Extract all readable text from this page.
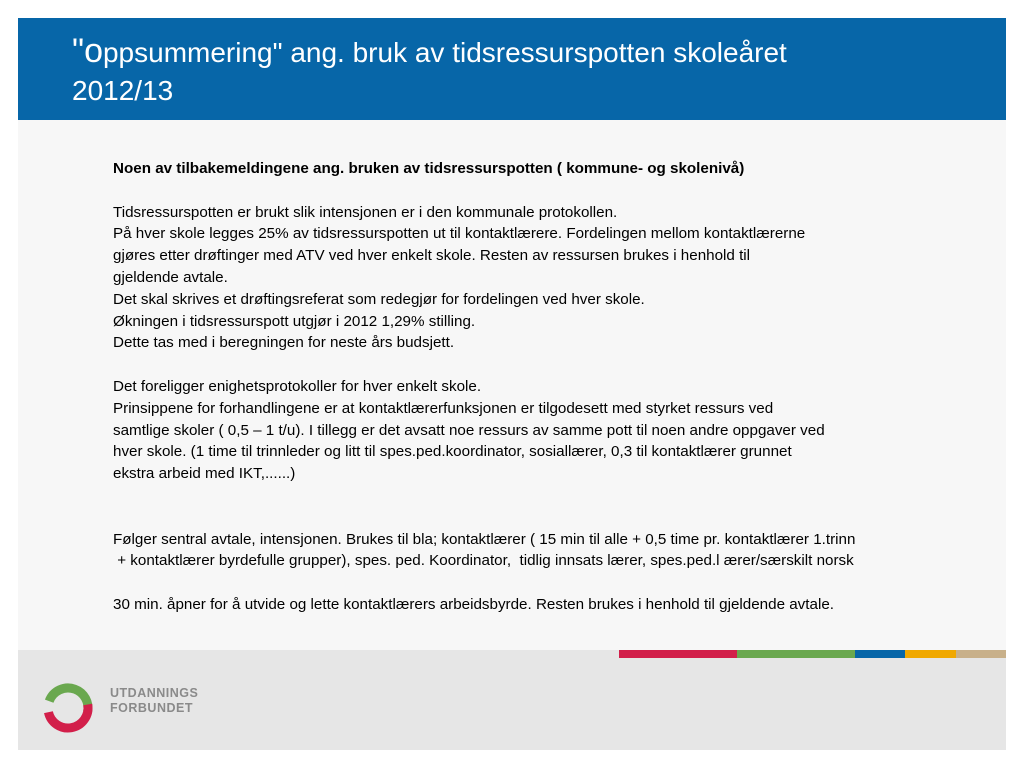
"oppsummering" ang. bruk av tidsressurspotten skoleåret
2012/13

Noen av tilbakemeldingene ang. bruken av tidsressurspotten ( kommune- og skolenivå)

Tidsressurspotten er brukt slik intensjonen er i den kommunale protokollen.

På hver skole legges 25% av tidsressurspotten ut til kontaktlærere. Fordelingen mellom kontaktlærerne

gjøres etter drøftinger med ATV ved hver enkelt skole. Resten av ressursen brukes i henhold til

gjeldende avtale.

Det skal skrives et drøftingsreferat som redegjør for fordelingen ved hver skole.

Økningen i tidsressurspott utgjør i 2012 1,29% stilling.

Dette tas med i beregningen for neste års budsjett.

Det foreligger enighetsprotokoller for hver enkelt skole.

Prinsippene for forhandlingene er at kontaktlærerfunksjonen er tilgodesett med styrket ressurs ved

samtlige skoler ( 0,5 – 1 t/u). I tillegg er det avsatt noe ressurs av samme pott til noen andre oppgaver ved

hver skole. (1 time til trinnleder og litt til spes.ped.koordinator, sosiallærer, 0,3 til kontaktlærer grunnet

ekstra arbeid med IKT,......)

Følger sentral avtale, intensjonen. Brukes til bla; kontaktlærer ( 15 min til alle + 0,5 time pr. kontaktlærer 1.trinn

+ kontaktlærer byrdefulle grupper), spes. ped. Koordinator,  tidlig innsats lærer, spes.ped.l ærer/særskilt norsk

30 min. åpner for å utvide og lette kontaktlærers arbeidsbyrde. Resten brukes i henhold til gjeldende avtale.

UTDANNINGS
FORBUNDET
